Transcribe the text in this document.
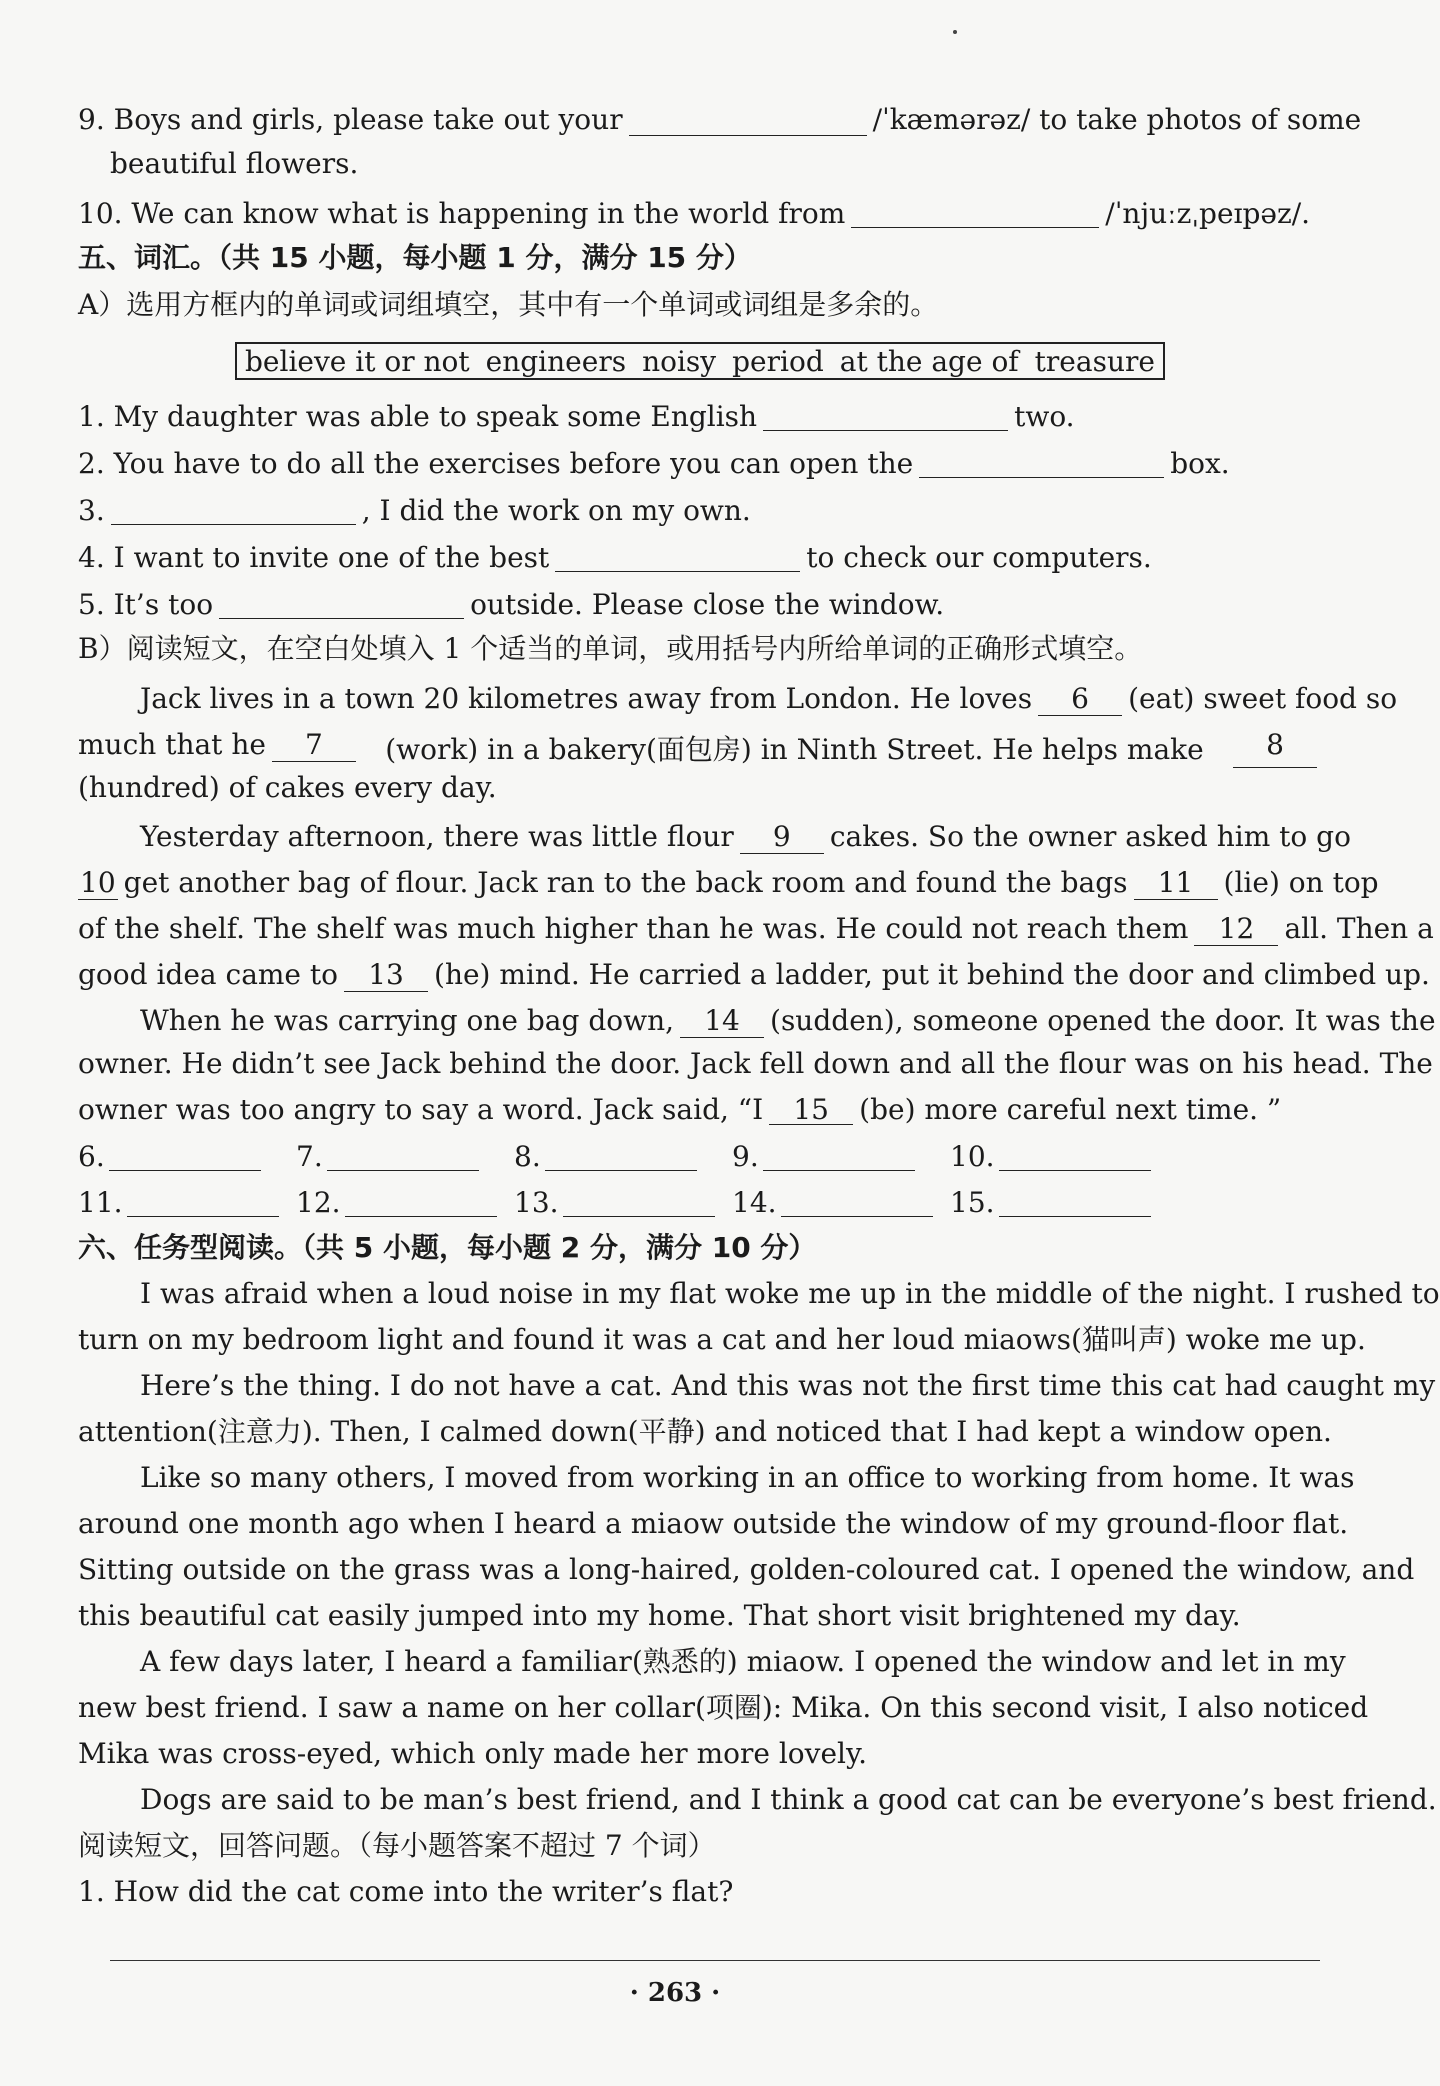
9. Boys and girls, please take out your	/ˈkæmərəz/ to take photos of some
beautiful flowers.
10. We can know what is happening in the world from	/ˈnjuːzˌpeɪpəz/.
五、词汇。（共 15 小题，每小题 1 分，满分 15 分）
A）选用方框内的单词或词组填空，其中有一个单词或词组是多余的。
believe it or not engineers noisy period at the age of treasure
1. My daughter was able to speak some English	two.
2. You have to do all the exercises before you can open the	box.
3.	, I did the work on my own.
4. I want to invite one of the best	to check our computers.
5. It’s too	outside. Please close the window.
B）阅读短文，在空白处填入 1 个适当的单词，或用括号内所给单词的正确形式填空。
Jack lives in a town 20 kilometres away from London. He loves	6 (eat) sweet food so
much that he 7	(work) in a bakery(面包房) in Ninth Street. He helps make	8
(hundred) of cakes every day.
Yesterday afternoon, there was little flour 9	cakes. So the owner asked him to go
10 get another bag of flour. Jack ran to the back room and found the bags	11 (lie) on top
of the shelf. The shelf was much higher than he was. He could not reach them	12 all. Then a
good idea came to 13	(he) mind. He carried a ladder, put it behind the door and climbed up.
When he was carrying one bag down, 14	(sudden), someone opened the door. It was the
owner. He didn’t see Jack behind the door. Jack fell down and all the flour was on his head. The
owner was too angry to say a word. Jack said, “I 15 (be) more careful next time. ”
6.	7.	8.	9.	10.
11.	12.	13.	14.	15.
六、任务型阅读。（共 5 小题，每小题 2 分，满分 10 分）
I was afraid when a loud noise in my flat woke me up in the middle of the night. I rushed to
turn on my bedroom light and found it was a cat and her loud miaows(猫叫声) woke me up.
Here’s the thing. I do not have a cat. And this was not the first time this cat had caught my
attention(注意力). Then, I calmed down(平静) and noticed that I had kept a window open.
Like so many others, I moved from working in an office to working from home. It was
around one month ago when I heard a miaow outside the window of my ground-floor flat.
Sitting outside on the grass was a long-haired, golden-coloured cat. I opened the window, and
this beautiful cat easily jumped into my home. That short visit brightened my day.
A few days later, I heard a familiar(熟悉的) miaow. I opened the window and let in my
new best friend. I saw a name on her collar(项圈): Mika. On this second visit, I also noticed
Mika was cross-eyed, which only made her more lovely.
Dogs are said to be man’s best friend, and I think a good cat can be everyone’s best friend.
阅读短文，回答问题。（每小题答案不超过 7 个词）
1. How did the cat come into the writer’s flat?
· 263 ·
